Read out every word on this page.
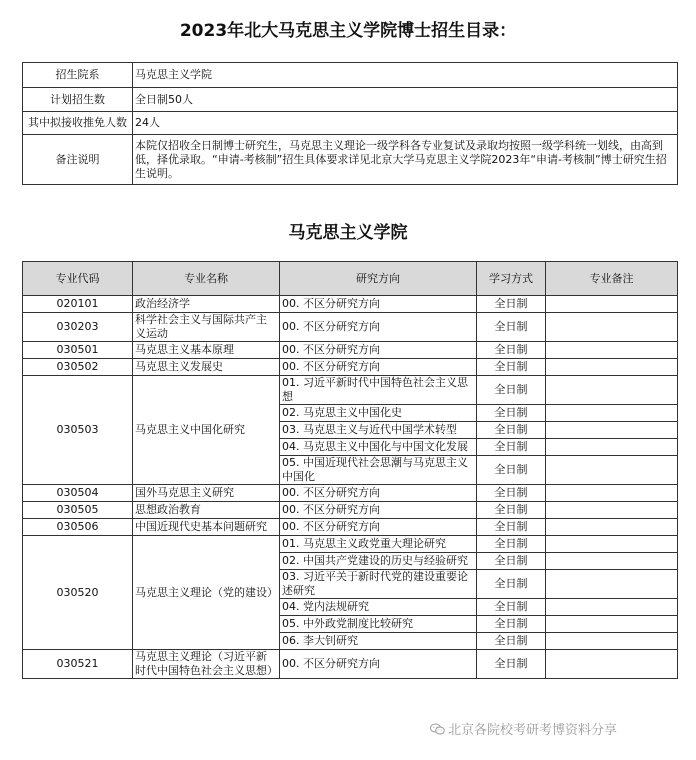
2023年北大马克思主义学院博士招生目录：
招生院系	马克思主义学院
计划招生数	全日制50人
其中拟接收推免人数	24人
备注说明	本院仅招收全日制博士研究生，马克思主义理论一级学科各专业复试及录取均按照一级学科统一划线，由高到低，择优录取。“申请-考核制”招生具体要求详见北京大学马克思主义学院2023年“申请-考核制”博士研究生招生说明。
马克思主义学院
专业代码	专业名称	研究方向	学习方式	专业备注
020101	政治经济学	00. 不区分研究方向	全日制	
030203	科学社会主义与国际共产主义运动	00. 不区分研究方向	全日制	
030501	马克思主义基本原理	00. 不区分研究方向	全日制	
030502	马克思主义发展史	00. 不区分研究方向	全日制	
030503	马克思主义中国化研究	01. 习近平新时代中国特色社会主义思想	全日制	
		02. 马克思主义中国化史	全日制	
		03. 马克思主义与近代中国学术转型	全日制	
		04. 马克思主义中国化与中国文化发展	全日制	
		05. 中国近现代社会思潮与马克思主义中国化	全日制	
030504	国外马克思主义研究	00. 不区分研究方向	全日制	
030505	思想政治教育	00. 不区分研究方向	全日制	
030506	中国近现代史基本问题研究	00. 不区分研究方向	全日制	
030520	马克思主义理论（党的建设）	01. 马克思主义政党重大理论研究	全日制	
		02. 中国共产党建设的历史与经验研究	全日制	
		03. 习近平关于新时代党的建设重要论述研究	全日制	
		04. 党内法规研究	全日制	
		05. 中外政党制度比较研究	全日制	
		06. 李大钊研究	全日制	
030521	马克思主义理论（习近平新时代中国特色社会主义思想）	00. 不区分研究方向	全日制	
北京各院校考研考博资料分享
